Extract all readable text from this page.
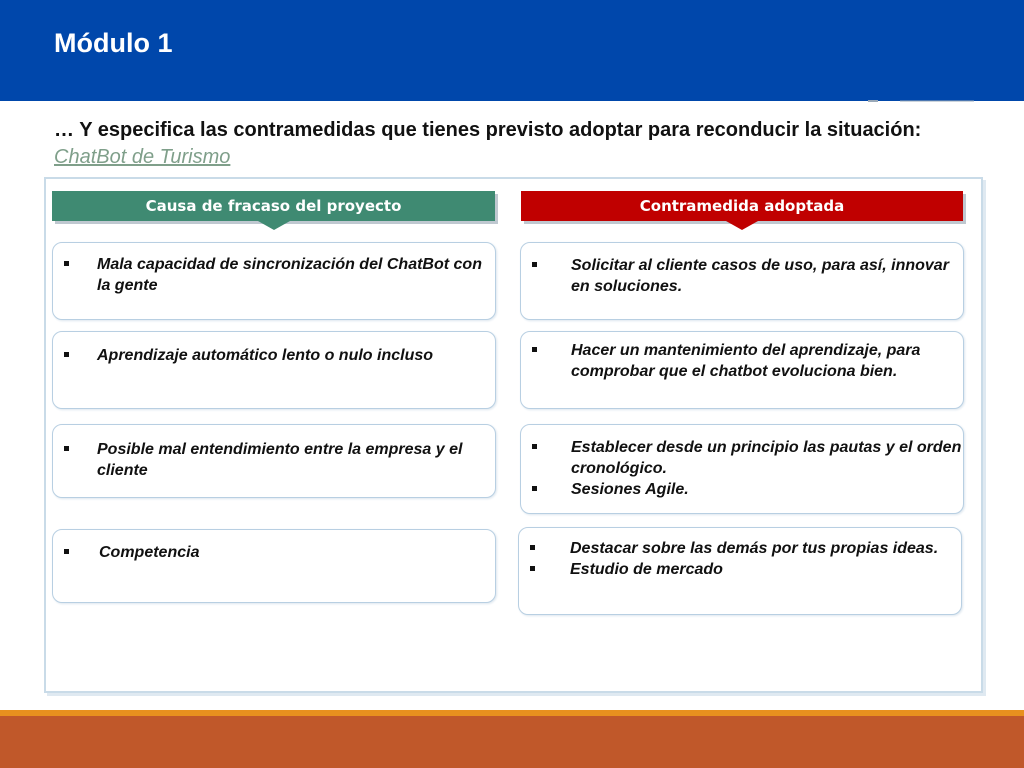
Módulo 1
… Y especifica las contramedidas que tienes previsto adoptar para reconducir la situación: ChatBot de Turismo
Causa de fracaso del proyecto	Contramedida adoptada
Mala capacidad de sincronización del ChatBot con la gente
Aprendizaje automático lento o nulo incluso
Posible mal entendimiento entre la empresa y el cliente
Competencia
Solicitar al cliente casos de uso, para así, innovar en soluciones.
Hacer un mantenimiento del aprendizaje, para comprobar que el chatbot evoluciona bien.
Establecer desde un principio las pautas y el orden cronológico.
Sesiones Agile.
Destacar sobre las demás por tus propias ideas.
Estudio de mercado
